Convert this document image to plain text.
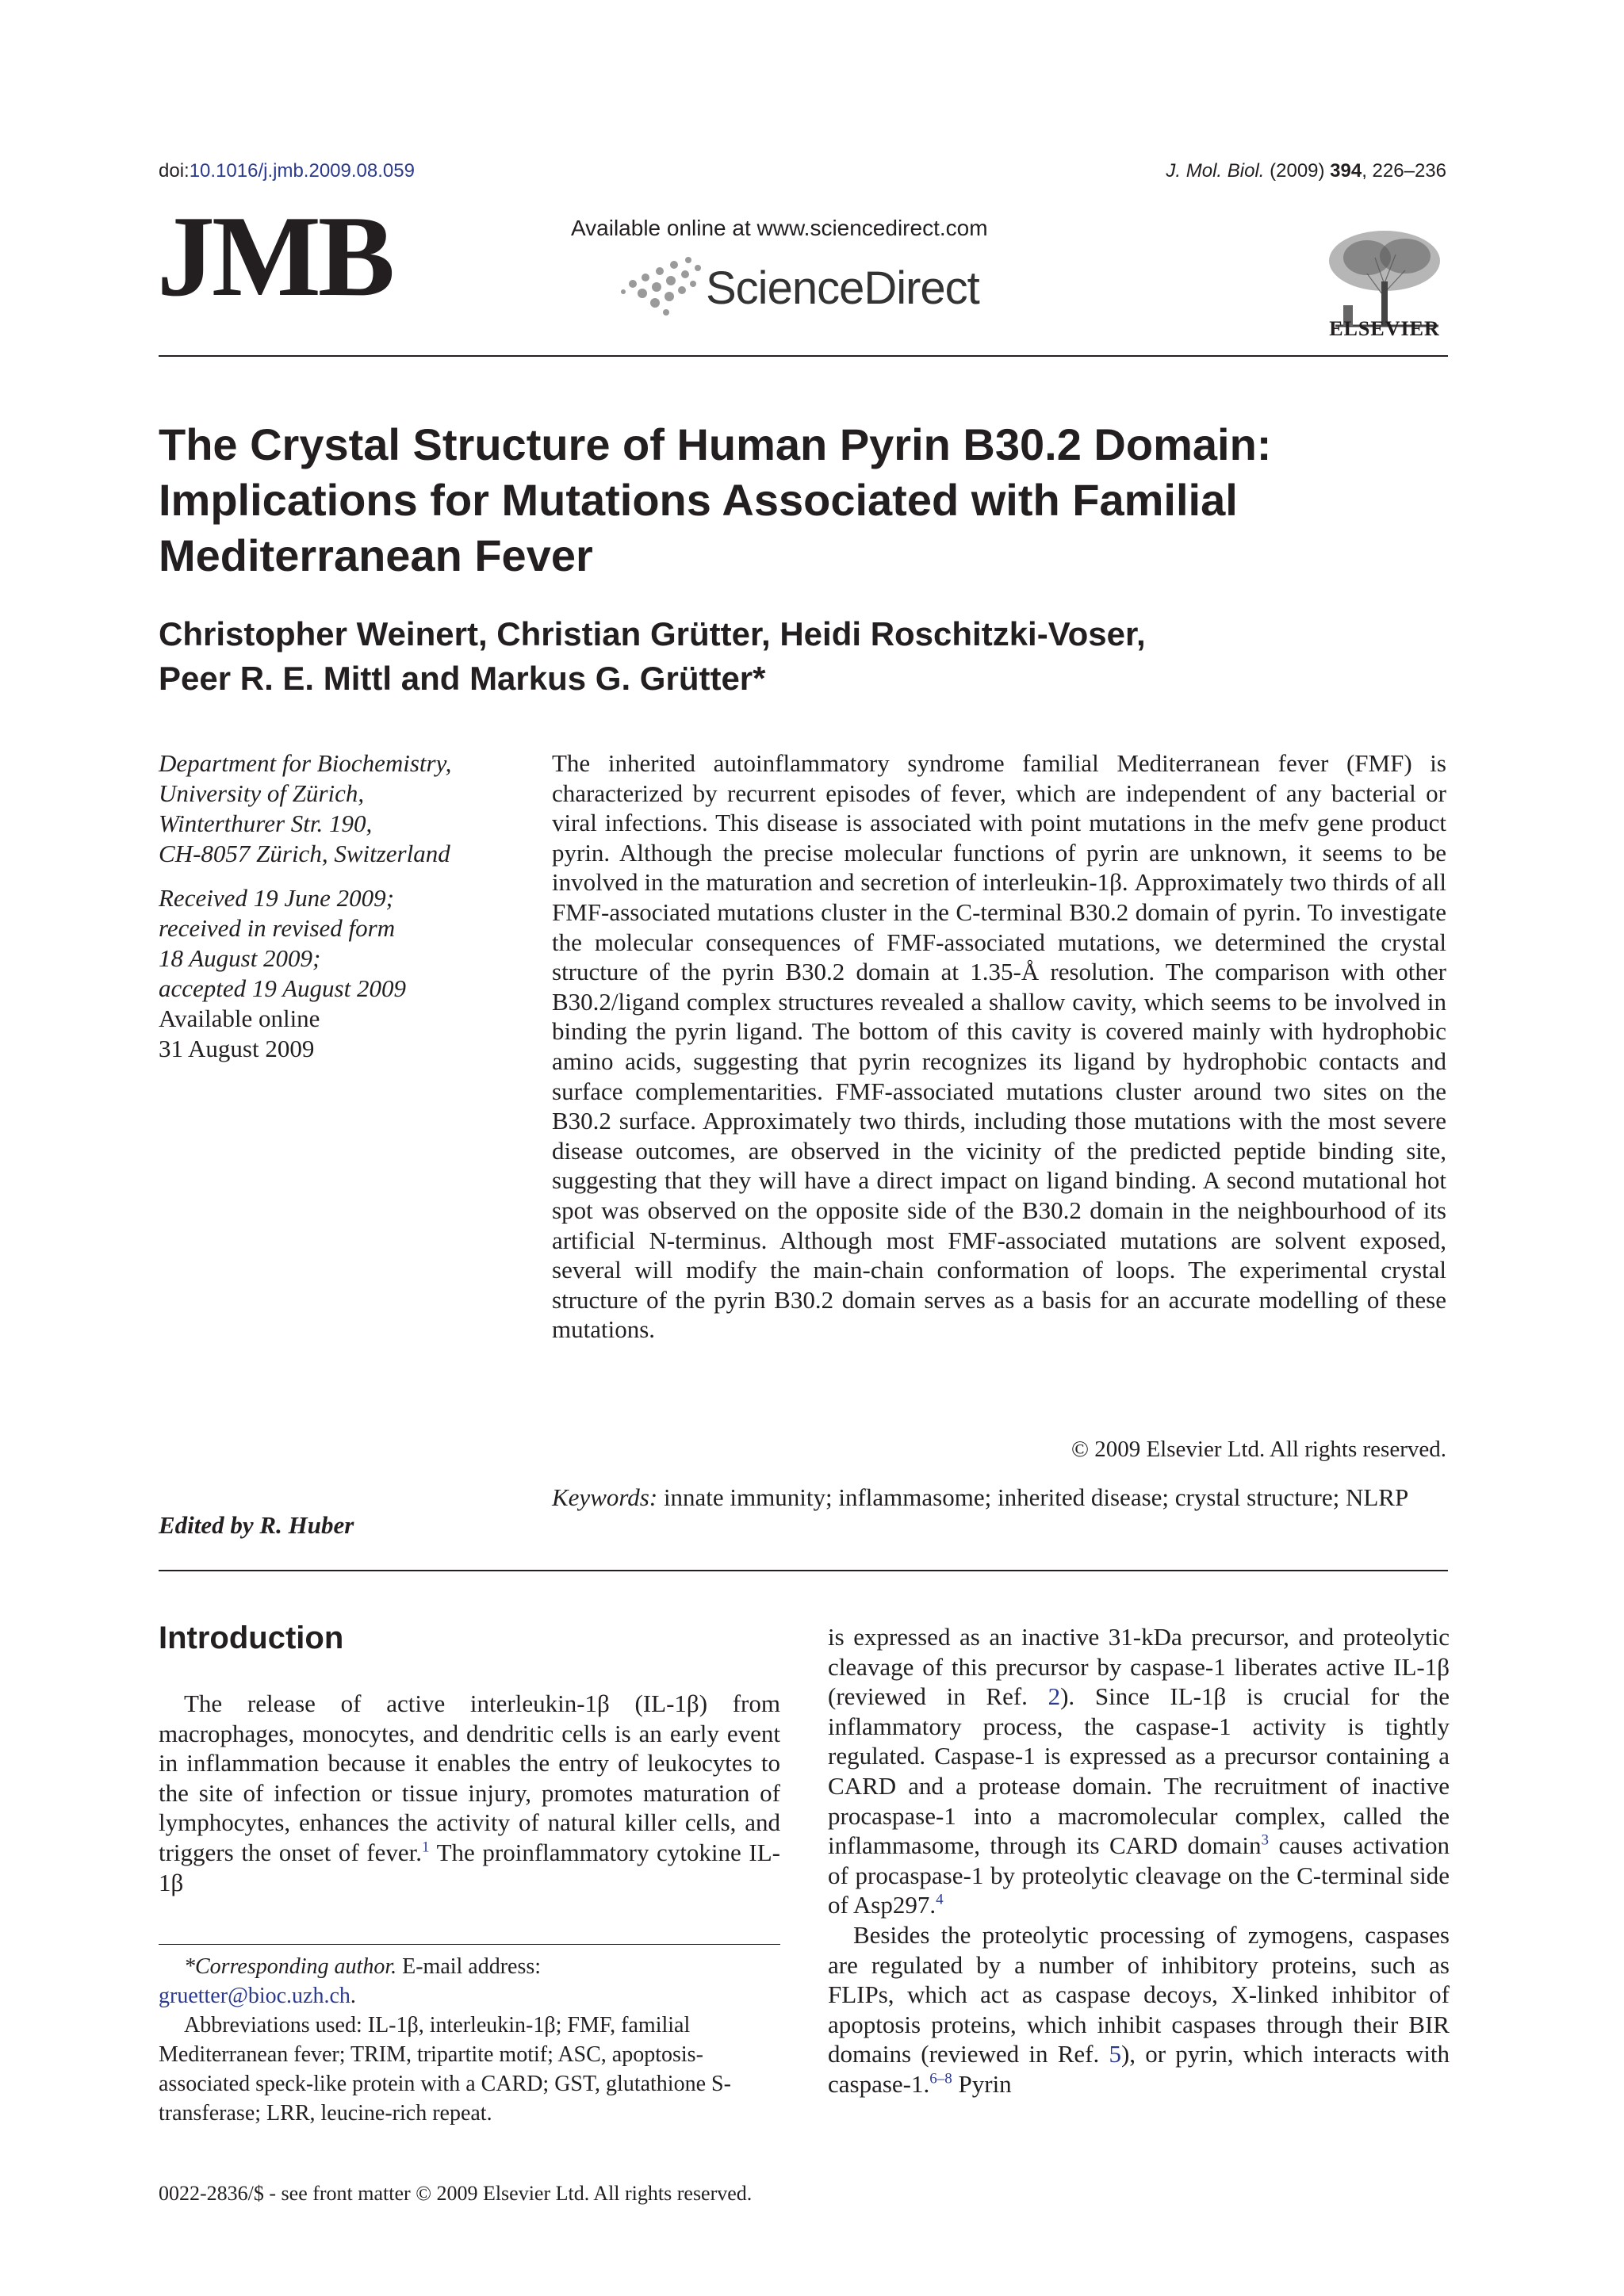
doi:10.1016/j.jmb.2009.08.059	J. Mol. Biol. (2009) 394, 226–236
JMB	Available online at www.sciencedirect.com
ScienceDirect
ELSEVIER
The Crystal Structure of Human Pyrin B30.2 Domain: Implications for Mutations Associated with Familial Mediterranean Fever
Christopher Weinert, Christian Grütter, Heidi Roschitzki-Voser,
Peer R. E. Mittl and Markus G. Grütter*
Department for Biochemistry,
University of Zürich,
Winterthurer Str. 190,
CH-8057 Zürich, Switzerland
Received 19 June 2009;
received in revised form
18 August 2009;
accepted 19 August 2009
Available online
31 August 2009
Edited by R. Huber
The inherited autoinflammatory syndrome familial Mediterranean fever (FMF) is characterized by recurrent episodes of fever, which are independent of any bacterial or viral infections. This disease is associated with point mutations in the mefv gene product pyrin. Although the precise molecular functions of pyrin are unknown, it seems to be involved in the maturation and secretion of interleukin-1β. Approximately two thirds of all FMF-associated mutations cluster in the C-terminal B30.2 domain of pyrin. To investigate the molecular consequences of FMF-associated mutations, we determined the crystal structure of the pyrin B30.2 domain at 1.35-Å resolution. The comparison with other B30.2/ligand complex structures revealed a shallow cavity, which seems to be involved in binding the pyrin ligand. The bottom of this cavity is covered mainly with hydrophobic amino acids, suggesting that pyrin recognizes its ligand by hydrophobic contacts and surface complementarities. FMF-associated mutations cluster around two sites on the B30.2 surface. Approximately two thirds, including those mutations with the most severe disease outcomes, are observed in the vicinity of the predicted peptide binding site, suggesting that they will have a direct impact on ligand binding. A second mutational hot spot was observed on the opposite side of the B30.2 domain in the neighbourhood of its artificial N-terminus. Although most FMF-associated mutations are solvent exposed, several will modify the main-chain conformation of loops. The experimental crystal structure of the pyrin B30.2 domain serves as a basis for an accurate modelling of these mutations.
© 2009 Elsevier Ltd. All rights reserved.
Keywords: innate immunity; inflammasome; inherited disease; crystal structure; NLRP
Introduction

The release of active interleukin-1β (IL-1β) from macrophages, monocytes, and dendritic cells is an early event in inflammation because it enables the entry of leukocytes to the site of infection or tissue injury, promotes maturation of lymphocytes, enhances the activity of natural killer cells, and triggers the onset of fever.$^1$ The proinflammatory cytokine IL-1β

*Corresponding author. E-mail address:

gruetter@bioc.uzh.ch.

Abbreviations used: IL-1β, interleukin-1β; FMF, familial Mediterranean fever; TRIM, tripartite motif; ASC, apoptosis-associated speck-like protein with a CARD; GST, glutathione S-transferase; LRR, leucine-rich repeat.

is expressed as an inactive 31-kDa precursor, and proteolytic cleavage of this precursor by caspase-1 liberates active IL-1β (reviewed in Ref. 2). Since IL-1β is crucial for the inflammatory process, the caspase-1 activity is tightly regulated. Caspase-1 is expressed as a precursor containing a CARD and a protease domain. The recruitment of inactive procaspase-1 into a macromolecular complex, called the inflammasome, through its CARD domain$^3$ causes activation of procaspase-1 by proteolytic cleavage on the C-terminal side of Asp297.$^4$

Besides the proteolytic processing of zymogens, caspases are regulated by a number of inhibitory proteins, such as FLIPs, which act as caspase decoys, X-linked inhibitor of apoptosis proteins, which inhibit caspases through their BIR domains (reviewed in Ref. 5), or pyrin, which interacts with caspase-1.$^{6-8}$ Pyrin

0022-2836/$ - see front matter © 2009 Elsevier Ltd. All rights reserved.
